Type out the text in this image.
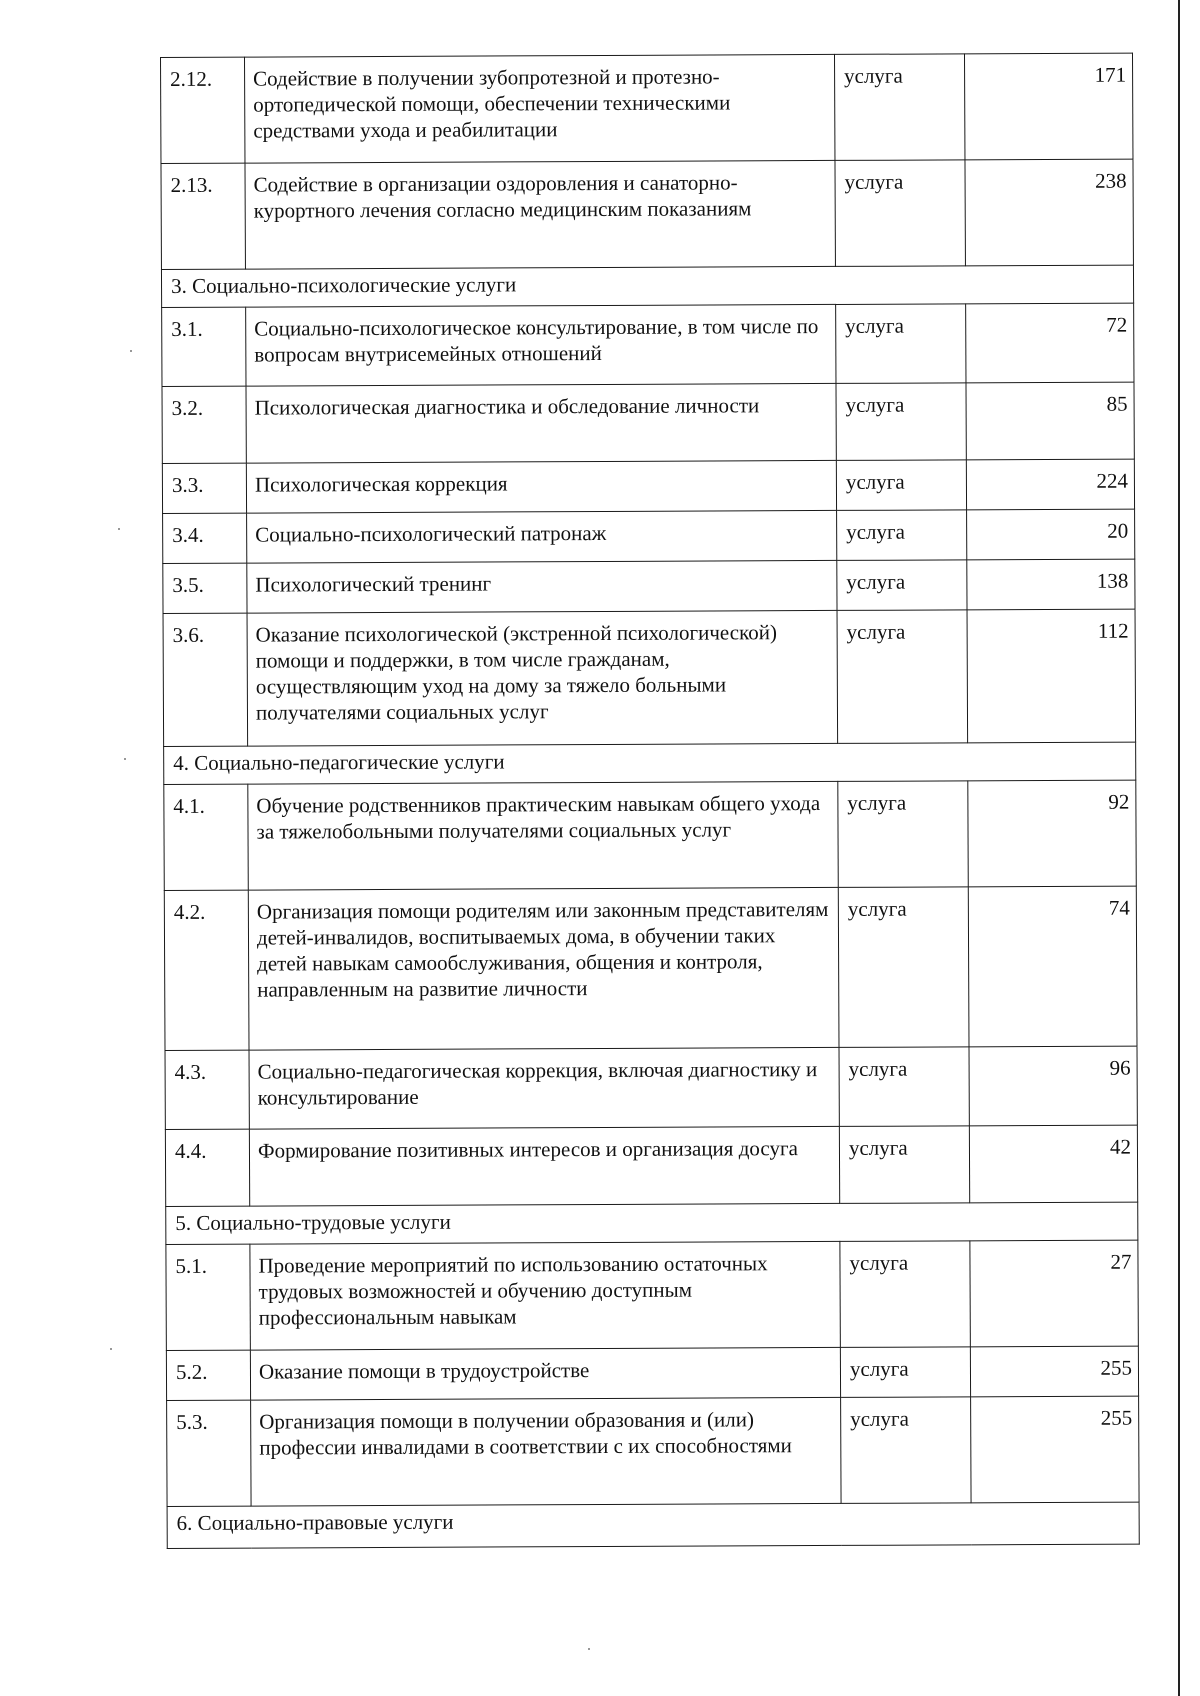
2.12.	Содействие в получении зубопротезной и протезно-ортопедической помощи, обеспечении техническими средствами ухода и реабилитации	услуга	171
2.13.	Содействие в организации оздоровления и санаторно-курортного лечения согласно медицинским показаниям	услуга	238
3. Социально-психологические услуги			
3.1.	Социально-психологическое консультирование, в том числе по вопросам внутрисемейных отношений	услуга	72
3.2.	Психологическая диагностика и обследование личности	услуга	85
3.3.	Психологическая коррекция	услуга	224
3.4.	Социально-психологический патронаж	услуга	20
3.5.	Психологический тренинг	услуга	138
3.6.	Оказание психологической (экстренной психологической) помощи и поддержки, в том числе гражданам, осуществляющим уход на дому за тяжело больными получателями социальных услуг	услуга	112
4. Социально-педагогические услуги			
4.1.	Обучение родственников практическим навыкам общего ухода за тяжелобольными получателями социальных услуг	услуга	92
4.2.	Организация помощи родителям или законным представителям детей-инвалидов, воспитываемых дома, в обучении таких детей навыкам самообслуживания, общения и контроля, направленным на развитие личности	услуга	74
4.3.	Социально-педагогическая коррекция, включая диагностику и консультирование	услуга	96
4.4.	Формирование позитивных интересов и организация досуга	услуга	42
5. Социально-трудовые услуги			
5.1.	Проведение мероприятий по использованию остаточных трудовых возможностей и обучению доступным профессиональным навыкам	услуга	27
5.2.	Оказание помощи в трудоустройстве	услуга	255
5.3.	Организация помощи в получении образования и (или) профессии инвалидами в соответствии с их способностями	услуга	255
6. Социально-правовые услуги			
